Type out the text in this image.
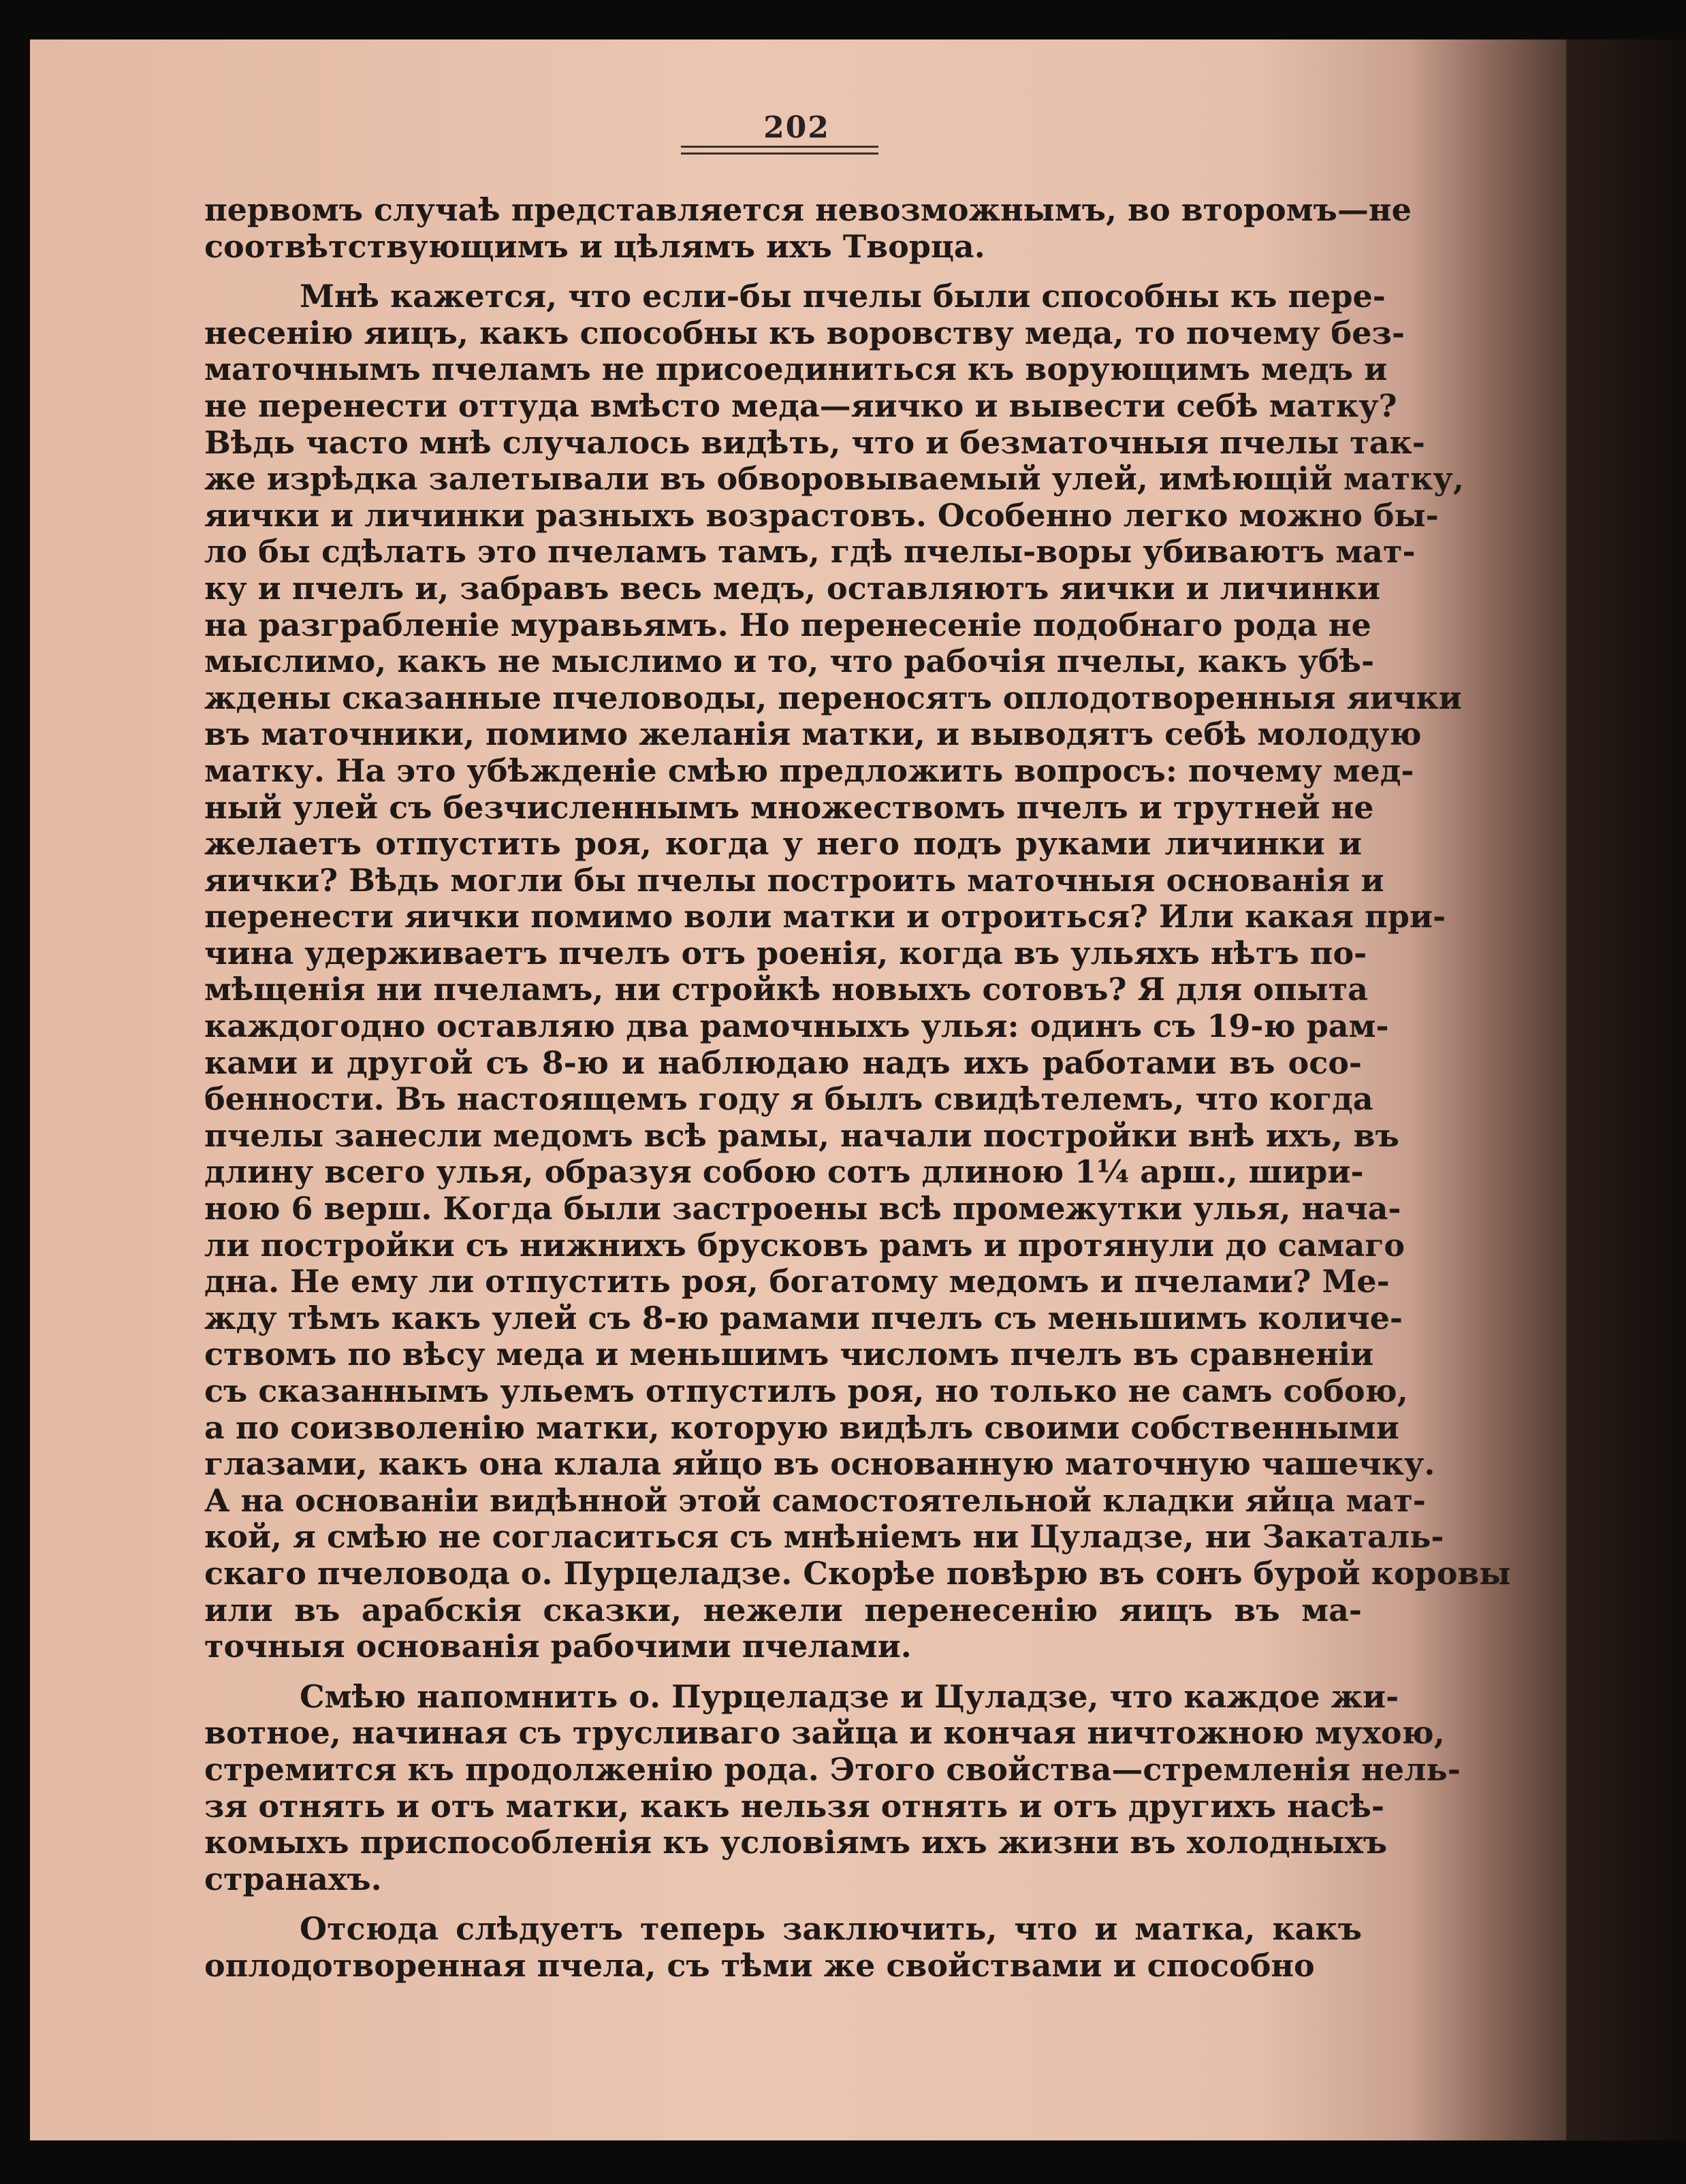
202
первомъ случаѣ представляется невозможнымъ, во второмъ—не
соотвѣтствующимъ и цѣлямъ ихъ Творца.
Мнѣ кажется, что если-бы пчелы были способны къ пере-
несенію яицъ, какъ способны къ воровству меда, то почему без-
маточнымъ пчеламъ не присоединиться къ ворующимъ медъ и
не перенести оттуда вмѣсто меда—яичко и вывести себѣ матку?
Вѣдь часто мнѣ случалось видѣть, что и безматочныя пчелы так-
же изрѣдка залетывали въ обворовываемый улей, имѣющій матку,
яички и личинки разныхъ возрастовъ. Особенно легко можно бы-
ло бы сдѣлать это пчеламъ тамъ, гдѣ пчелы-воры убиваютъ мат-
ку и пчелъ и, забравъ весь медъ, оставляютъ яички и личинки
на разграбленіе муравьямъ. Но перенесеніе подобнаго рода не
мыслимо, какъ не мыслимо и то, что рабочія пчелы, какъ убѣ-
ждены сказанные пчеловоды, переносятъ оплодотворенныя яички
въ маточники, помимо желанія матки, и выводятъ себѣ молодую
матку. На это убѣжденіе смѣю предложить вопросъ: почему мед-
ный улей съ безчисленнымъ множествомъ пчелъ и трутней не
желаетъ отпустить роя, когда у него подъ руками личинки и
яички? Вѣдь могли бы пчелы построить маточныя основанія и
перенести яички помимо воли матки и отроиться? Или какая при-
чина удерживаетъ пчелъ отъ роенія, когда въ ульяхъ нѣтъ по-
мѣщенія ни пчеламъ, ни стройкѣ новыхъ сотовъ? Я для опыта
каждогодно оставляю два рамочныхъ улья: одинъ съ 19-ю рам-
ками и другой съ 8-ю и наблюдаю надъ ихъ работами въ осо-
бенности. Въ настоящемъ году я былъ свидѣтелемъ, что когда
пчелы занесли медомъ всѣ рамы, начали постройки внѣ ихъ, въ
длину всего улья, образуя собою сотъ длиною 1¼ арш., шири-
ною 6 верш. Когда были застроены всѣ промежутки улья, нача-
ли постройки съ нижнихъ брусковъ рамъ и протянули до самаго
дна. Не ему ли отпустить роя, богатому медомъ и пчелами? Ме-
жду тѣмъ какъ улей съ 8-ю рамами пчелъ съ меньшимъ количе-
ствомъ по вѣсу меда и меньшимъ числомъ пчелъ въ сравненіи
съ сказаннымъ ульемъ отпустилъ роя, но только не самъ собою,
а по соизволенію матки, которую видѣлъ своими собственными
глазами, какъ она клала яйцо въ основанную маточную чашечку.
А на основаніи видѣнной этой самостоятельной кладки яйца мат-
кой, я смѣю не согласиться съ мнѣніемъ ни Цуладзе, ни Закаталь-
скаго пчеловода о. Пурцеладзе. Скорѣе повѣрю въ сонъ бурой коровы
или въ арабскія сказки, нежели перенесенію яицъ въ ма-
точныя основанія рабочими пчелами.
Смѣю напомнить о. Пурцеладзе и Цуладзе, что каждое жи-
вотное, начиная съ трусливаго зайца и кончая ничтожною мухою,
стремится къ продолженію рода. Этого свойства—стремленія нель-
зя отнять и отъ матки, какъ нельзя отнять и отъ другихъ насѣ-
комыхъ приспособленія къ условіямъ ихъ жизни въ холодныхъ
странахъ.
Отсюда слѣдуетъ теперь заключить, что и матка, какъ
оплодотворенная пчела, съ тѣми же свойствами и способно
